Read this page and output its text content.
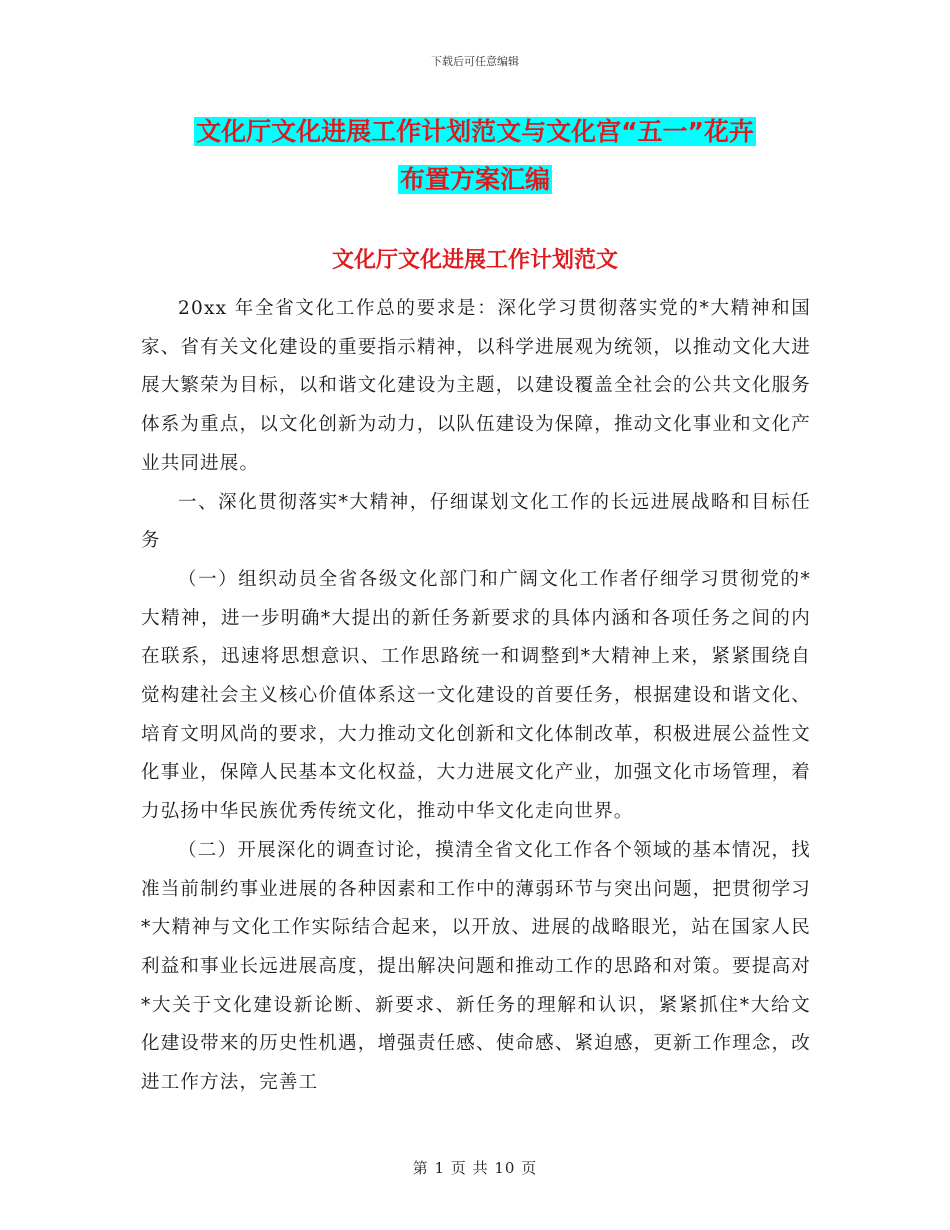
下载后可任意编辑
文化厅文化进展工作计划范文与文化宫“五一”花卉
布置方案汇编
文化厅文化进展工作计划范文

20xx 年全省文化工作总的要求是：深化学习贯彻落实党的*大精神和国家、省有关文化建设的重要指示精神，以科学进展观为统领，以推动文化大进展大繁荣为目标，以和谐文化建设为主题，以建设覆盖全社会的公共文化服务体系为重点，以文化创新为动力，以队伍建设为保障，推动文化事业和文化产业共同进展。

一、深化贯彻落实*大精神，仔细谋划文化工作的长远进展战略和目标任务

（一）组织动员全省各级文化部门和广阔文化工作者仔细学习贯彻党的*大精神，进一步明确*大提出的新任务新要求的具体内涵和各项任务之间的内在联系，迅速将思想意识、工作思路统一和调整到*大精神上来，紧紧围绕自觉构建社会主义核心价值体系这一文化建设的首要任务，根据建设和谐文化、培育文明风尚的要求，大力推动文化创新和文化体制改革，积极进展公益性文化事业，保障人民基本文化权益，大力进展文化产业，加强文化市场管理，着力弘扬中华民族优秀传统文化，推动中华文化走向世界。

（二）开展深化的调查讨论，摸清全省文化工作各个领域的基本情况，找准当前制约事业进展的各种因素和工作中的薄弱环节与突出问题，把贯彻学习*大精神与文化工作实际结合起来，以开放、进展的战略眼光，站在国家人民利益和事业长远进展高度，提出解决问题和推动工作的思路和对策。要提高对*大关于文化建设新论断、新要求、新任务的理解和认识，紧紧抓住*大给文化建设带来的历史性机遇，增强责任感、使命感、紧迫感，更新工作理念，改进工作方法，完善工

第 1 页 共 10 页
